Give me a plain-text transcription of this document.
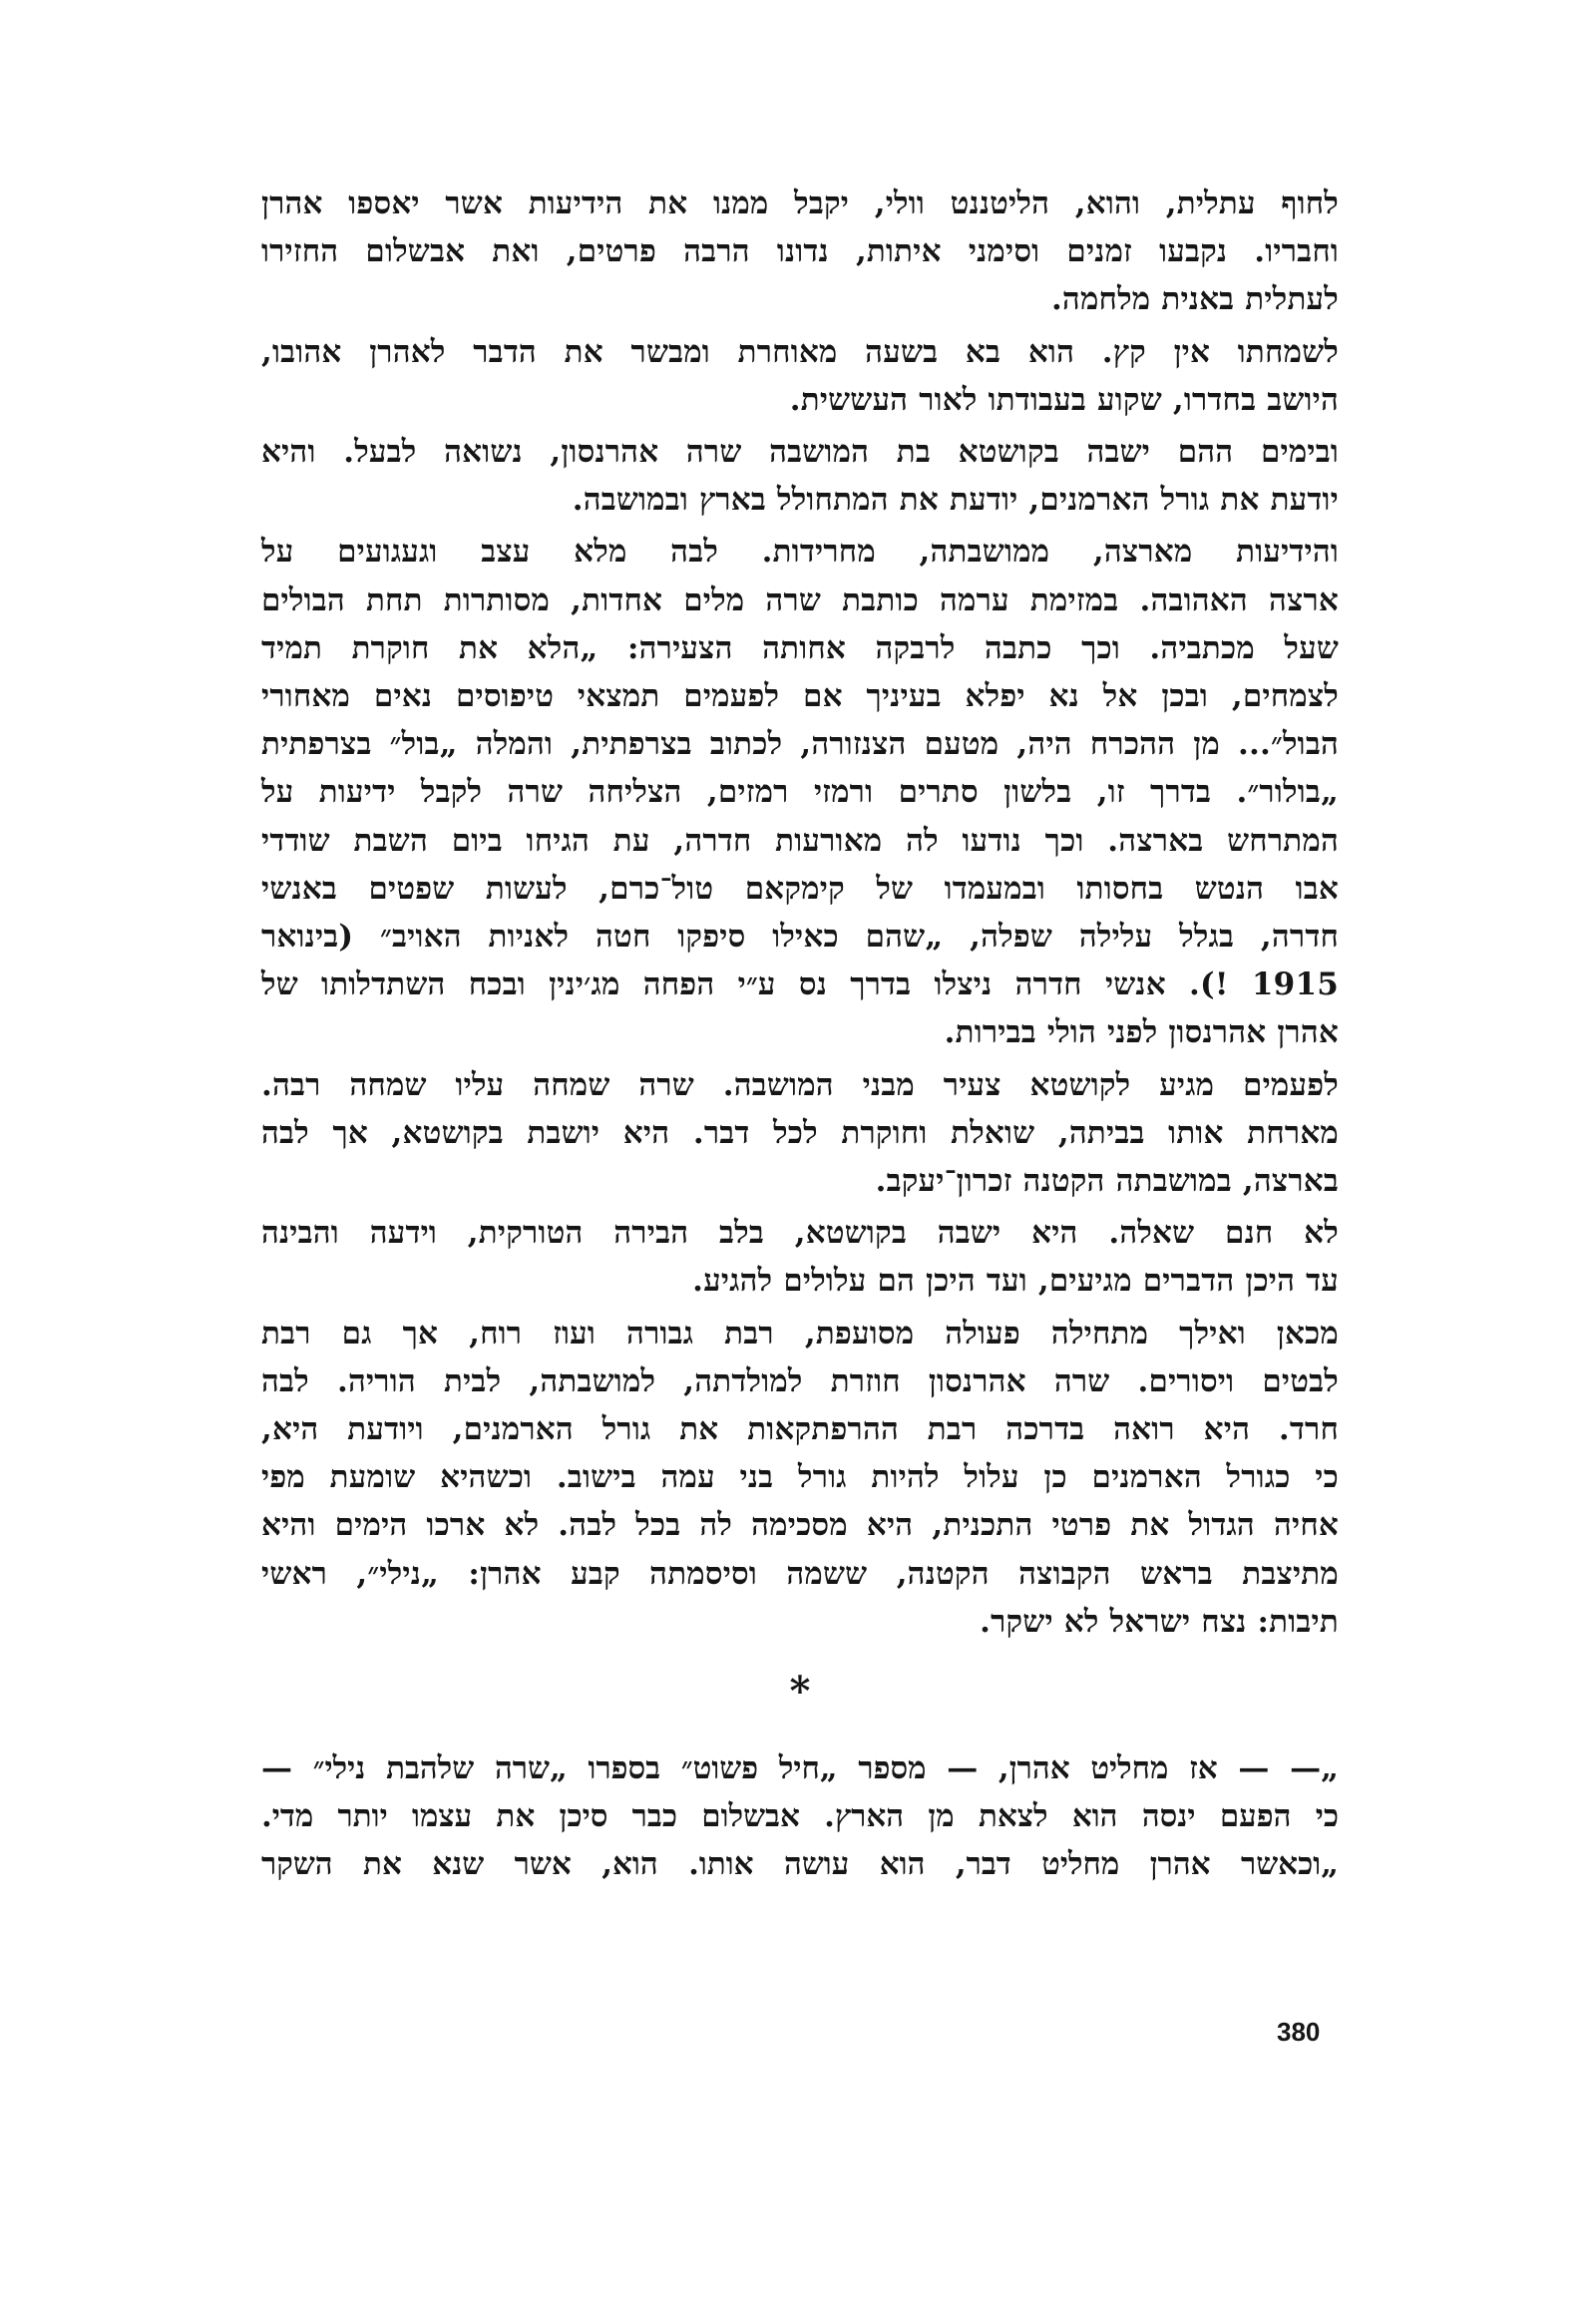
לחוף עתלית, והוא, הליטננט וולי, יקבל ממנו את הידיעות אשר יאספו אהרן
וחבריו. נקבעו זמנים וסימני איתות, נדונו הרבה פרטים, ואת אבשלום החזירו
לעתלית באנית מלחמה.
לשמחתו אין קץ. הוא בא בשעה מאוחרת ומבשר את הדבר לאהרן אהובו,
היושב בחדרו, שקוע בעבודתו לאור העששית.
ובימים ההם ישבה בקושטא בת המושבה שרה אהרנסון, נשואה לבעל. והיא
יודעת את גורל הארמנים, יודעת את המתחולל בארץ ובמושבה.
והידיעות מארצה, ממושבתה, מחרידות. לבה מלא עצב וגעגועים על
ארצה האהובה. במזימת ערמה כותבת שרה מלים אחדות, מסותרות תחת הבולים
שעל מכתביה. וכך כתבה לרבקה אחותה הצעירה: „הלא את חוקרת תמיד
לצמחים, ובכן אל נא יפלא בעיניך אם לפעמים תמצאי טיפוסים נאים מאחורי
הבול״... מן ההכרח היה, מטעם הצנזורה, לכתוב בצרפתית, והמלה „בול״ בצרפתית
„בולור״. בדרך זו, בלשון סתרים ורמזי רמזים, הצליחה שרה לקבל ידיעות על
המתרחש בארצה. וכך נודעו לה מאורעות חדרה, עת הגיחו ביום השבת שודדי
אבו הנטש בחסותו ובמעמדו של קימקאם טול־כרם, לעשות שפטים באנשי
חדרה, בגלל עלילה שפלה, „שהם כאילו סיפקו חטה לאניות האויב״ (בינואר
1915 !). אנשי חדרה ניצלו בדרך נס ע״י הפחה מג׳ינין ובכח השתדלותו של
אהרן אהרנסון לפני הולי בבירות.
לפעמים מגיע לקושטא צעיר מבני המושבה. שרה שמחה עליו שמחה רבה.
מארחת אותו בביתה, שואלת וחוקרת לכל דבר. היא יושבת בקושטא, אך לבה
בארצה, במושבתה הקטנה זכרון־יעקב.
לא חנם שאלה. היא ישבה בקושטא, בלב הבירה הטורקית, וידעה והבינה
עד היכן הדברים מגיעים, ועד היכן הם עלולים להגיע.
מכאן ואילך מתחילה פעולה מסועפת, רבת גבורה ועוז רוח, אך גם רבת
לבטים ויסורים. שרה אהרנסון חוזרת למולדתה, למושבתה, לבית הוריה. לבה
חרד. היא רואה בדרכה רבת ההרפתקאות את גורל הארמנים, ויודעת היא,
כי כגורל הארמנים כן עלול להיות גורל בני עמה בישוב. וכשהיא שומעת מפי
אחיה הגדול את פרטי התכנית, היא מסכימה לה בכל לבה. לא ארכו הימים והיא
מתיצבת בראש הקבוצה הקטנה, ששמה וסיסמתה קבע אהרן: „נילי״, ראשי
תיבות: נצח ישראל לא ישקר.
*
„— — אז מחליט אהרן, — מספר „חיל פשוט״ בספרו „שרה שלהבת נילי״ —
כי הפעם ינסה הוא לצאת מן הארץ. אבשלום כבר סיכן את עצמו יותר מדי.
„וכאשר אהרן מחליט דבר, הוא עושה אותו. הוא, אשר שנא את השקר
380
